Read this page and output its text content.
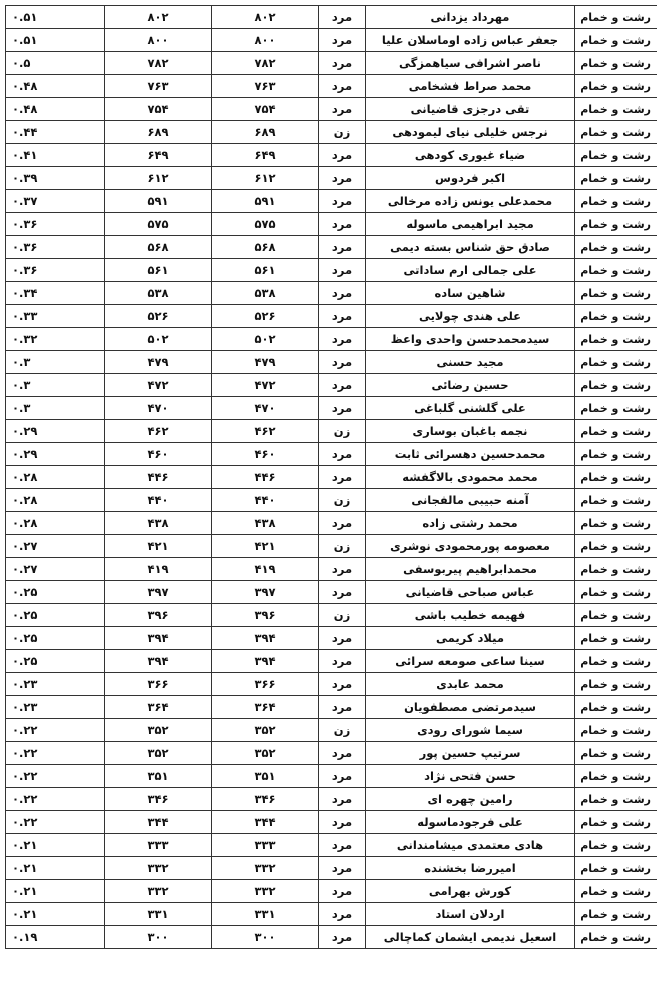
رشت و خمام	مهرداد یزدانی	مرد	۸۰۲	۸۰۲	۰.۵۱
رشت و خمام	جعفر عباس زاده اوماسلان علیا	مرد	۸۰۰	۸۰۰	۰.۵۱
رشت و خمام	ناصر اشرافی سیاهمزگی	مرد	۷۸۲	۷۸۲	۰.۵
رشت و خمام	محمد صراط فشخامی	مرد	۷۶۳	۷۶۳	۰.۴۸
رشت و خمام	تقی درجزی قاضیانی	مرد	۷۵۴	۷۵۴	۰.۴۸
رشت و خمام	نرجس خلیلی نیای لیمودهی	زن	۶۸۹	۶۸۹	۰.۴۴
رشت و خمام	ضیاء غیوری کودهی	مرد	۶۴۹	۶۴۹	۰.۴۱
رشت و خمام	اکبر فردوس	مرد	۶۱۲	۶۱۲	۰.۳۹
رشت و خمام	محمدعلی یونس زاده مرخالی	مرد	۵۹۱	۵۹۱	۰.۳۷
رشت و خمام	مجید ابراهیمی ماسوله	مرد	۵۷۵	۵۷۵	۰.۳۶
رشت و خمام	صادق حق شناس بسته دیمی	مرد	۵۶۸	۵۶۸	۰.۳۶
رشت و خمام	علی جمالی ارم ساداتی	مرد	۵۶۱	۵۶۱	۰.۳۶
رشت و خمام	شاهین ساده	مرد	۵۳۸	۵۳۸	۰.۳۴
رشت و خمام	علی هندی چولایی	مرد	۵۲۶	۵۲۶	۰.۳۳
رشت و خمام	سیدمحمدحسن واحدی واعظ	مرد	۵۰۲	۵۰۲	۰.۳۲
رشت و خمام	مجید حسنی	مرد	۴۷۹	۴۷۹	۰.۳
رشت و خمام	حسین رضائی	مرد	۴۷۲	۴۷۲	۰.۳
رشت و خمام	علی گلشنی گلباغی	مرد	۴۷۰	۴۷۰	۰.۳
رشت و خمام	نجمه باغبان بوساری	زن	۴۶۲	۴۶۲	۰.۲۹
رشت و خمام	محمدحسین دهسرائی ثابت	مرد	۴۶۰	۴۶۰	۰.۲۹
رشت و خمام	محمد محمودی بالاگفشه	مرد	۴۴۶	۴۴۶	۰.۲۸
رشت و خمام	آمنه حبیبی مالفجانی	زن	۴۴۰	۴۴۰	۰.۲۸
رشت و خمام	محمد رشتی زاده	مرد	۴۳۸	۴۳۸	۰.۲۸
رشت و خمام	معصومه پورمحمودی نوشری	زن	۴۲۱	۴۲۱	۰.۲۷
رشت و خمام	محمدابراهیم پیربوسفی	مرد	۴۱۹	۴۱۹	۰.۲۷
رشت و خمام	عباس صباحی قاضیانی	مرد	۳۹۷	۳۹۷	۰.۲۵
رشت و خمام	فهیمه خطیب باشی	زن	۳۹۶	۳۹۶	۰.۲۵
رشت و خمام	میلاد کریمی	مرد	۳۹۴	۳۹۴	۰.۲۵
رشت و خمام	سینا ساعی صومعه سرائی	مرد	۳۹۴	۳۹۴	۰.۲۵
رشت و خمام	محمد عابدی	مرد	۳۶۶	۳۶۶	۰.۲۳
رشت و خمام	سیدمرتضی مصطفویان	مرد	۳۶۴	۳۶۴	۰.۲۳
رشت و خمام	سیما شورای رودی	زن	۳۵۲	۳۵۲	۰.۲۲
رشت و خمام	سرتیپ حسین پور	مرد	۳۵۲	۳۵۲	۰.۲۲
رشت و خمام	حسن فتحی نژاد	مرد	۳۵۱	۳۵۱	۰.۲۲
رشت و خمام	رامین چهره ای	مرد	۳۴۶	۳۴۶	۰.۲۲
رشت و خمام	علی فرجودماسوله	مرد	۳۴۴	۳۴۴	۰.۲۲
رشت و خمام	هادی معتمدی میشامندانی	مرد	۳۳۳	۳۳۳	۰.۲۱
رشت و خمام	امیررضا بخشنده	مرد	۳۳۲	۳۳۲	۰.۲۱
رشت و خمام	کورش بهرامی	مرد	۳۳۲	۳۳۲	۰.۲۱
رشت و خمام	اردلان استاد	مرد	۳۳۱	۳۳۱	۰.۲۱
رشت و خمام	اسعیل ندیمی ایشمان کماچالی	مرد	۳۰۰	۳۰۰	۰.۱۹
